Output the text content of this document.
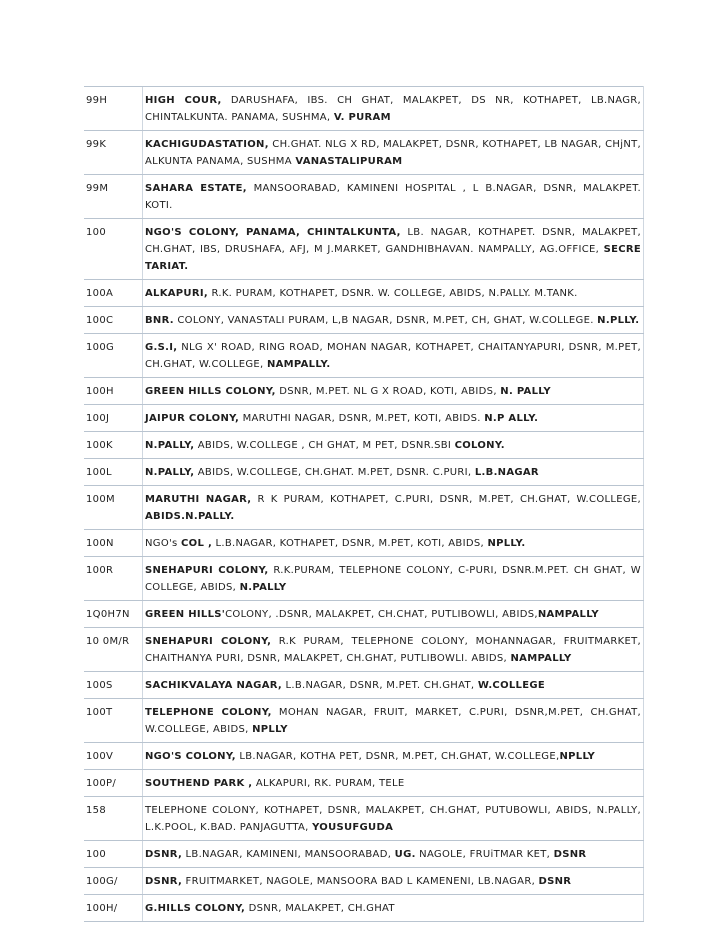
99H	HIGH COUR, DARUSHAFA, IBS. CH GHAT, MALAKPET, DS NR, KOTHAPET, LB.NAGR, CHINTALKUNTA. PANAMA, SUSHMA, V. PURAM
99K	KACHIGUDASTATION, CH.GHAT. NLG X RD, MALAKPET, DSNR, KOTHAPET, LB NAGAR, CHjNT, ALKUNTA PANAMA, SUSHMA VANASTALIPURAM
99M	SAHARA ESTATE, MANSOORABAD, KAMINENI HOSPITAL , L B.NAGAR, DSNR, MALAKPET. KOTI.
100	NGO'S COLONY, PANAMA, CHINTALKUNTA, LB. NAGAR, KOTHAPET. DSNR, MALAKPET, CH.GHAT, IBS, DRUSHAFA, AFJ, M J.MARKET, GANDHIBHAVAN. NAMPALLY, AG.OFFICE, SECRE TARIAT.
100A	ALKAPURI, R.K. PURAM, KOTHAPET, DSNR. W. COLLEGE, ABIDS, N.PALLY. M.TANK.
100C	BNR. COLONY, VANASTALI PURAM, L,B NAGAR, DSNR, M.PET, CH, GHAT, W.COLLEGE. N.PLLY.
100G	G.S.I, NLG X' ROAD, RING ROAD, MOHAN NAGAR, KOTHAPET, CHAITANYAPURI, DSNR, M.PET, CH.GHAT, W.COLLEGE, NAMPALLY.
100H	GREEN HILLS COLONY, DSNR, M.PET. NL G X ROAD, KOTI, ABIDS, N. PALLY
100J	JAIPUR COLONY, MARUTHI NAGAR, DSNR, M.PET, KOTI, ABIDS. N.P ALLY.
100K	N.PALLY, ABIDS, W.COLLEGE , CH GHAT, M PET, DSNR.SBI COLONY.
100L	N.PALLY, ABIDS, W.COLLEGE, CH.GHAT. M.PET, DSNR. C.PURI, L.B.NAGAR
100M	MARUTHI NAGAR, R K PURAM, KOTHAPET, C.PURI, DSNR, M.PET, CH.GHAT, W.COLLEGE, ABIDS.N.PALLY.
100N	NGO's COL , L.B.NAGAR, KOTHAPET, DSNR, M.PET, KOTI, ABIDS, NPLLY.
100R	SNEHAPURI COLONY, R.K.PURAM, TELEPHONE COLONY, C-PURI, DSNR.M.PET. CH GHAT, W COLLEGE, ABIDS, N.PALLY
1Q0H7N	GREEN HILLS'COLONY, .DSNR, MALAKPET, CH.CHAT, PUTLIBOWLI, ABIDS,NAMPALLY
10 0M/R	SNEHAPURI COLONY, R.K PURAM, TELEPHONE COLONY, MOHANNAGAR, FRUITMARKET, CHAITHANYA PURI, DSNR, MALAKPET, CH.GHAT, PUTLIBOWLI. ABIDS, NAMPALLY
100S	SACHIKVALAYA NAGAR, L.B.NAGAR, DSNR, M.PET. CH.GHAT, W.COLLEGE
100T	TELEPHONE COLONY, MOHAN NAGAR, FRUIT, MARKET, C.PURI, DSNR,M.PET, CH.GHAT, W.COLLEGE, ABIDS, NPLLY
100V	NGO'S COLONY, LB.NAGAR, KOTHA PET, DSNR, M.PET, CH.GHAT, W.COLLEGE,NPLLY
100P/	SOUTHEND PARK , ALKAPURI, RK. PURAM, TELE
158	TELEPHONE COLONY, KOTHAPET, DSNR, MALAKPET, CH.GHAT, PUTUBOWLI, ABIDS, N.PALLY, L.K.POOL, K.BAD. PANJAGUTTA, YOUSUFGUDA
100	DSNR, LB.NAGAR, KAMINENI, MANSOORABAD, UG. NAGOLE, FRUiTMAR KET, DSNR
100G/	DSNR, FRUITMARKET, NAGOLE, MANSOORA BAD L KAMENENI, LB.NAGAR, DSNR
100H/	G.HILLS COLONY, DSNR, MALAKPET, CH.GHAT
